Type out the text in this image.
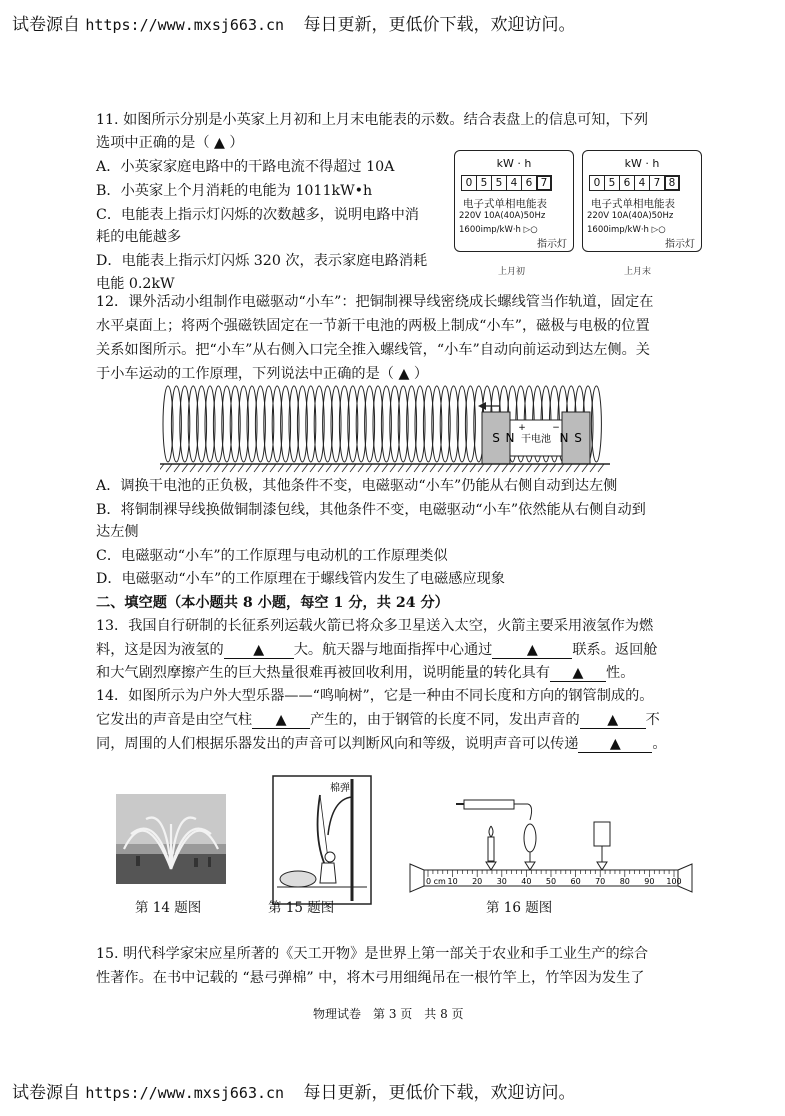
试卷源自 https://www.mxsj663.cn 每日更新，更低价下载，欢迎访问。
11. 如图所示分别是小英家上月初和上月末电能表的示数。结合表盘上的信息可知，下列
选项中正确的是（ ▲ ）
A．小英家家庭电路中的干路电流不得超过 10A
B．小英家上个月消耗的电能为 1011kW•h
C．电能表上指示灯闪烁的次数越多，说明电路中消
耗的电能越多
D．电能表上指示灯闪烁 320 次，表示家庭电路消耗
电能 0.2kW
kW · h
0 5 5 4 6 7
电子式单相电能表
220V 10A(40A)50Hz
1600imp/kW·h ▷○
指示灯
上月初
kW · h
0 5 6 4 7 8
电子式单相电能表
220V 10A(40A)50Hz
1600imp/kW·h ▷○
指示灯
上月末
12．课外活动小组制作电磁驱动“小车”：把铜制裸导线密绕成长螺线管当作轨道，固定在
水平桌面上；将两个强磁铁固定在一节新干电池的两极上制成“小车”，磁极与电极的位置
关系如图所示。把“小车”从右侧入口完全推入螺线管，“小车”自动向前运动到达左侧。关
于小车运动的工作原理，下列说法中正确的是（ ▲ ）
S N
+
干电池
−
N S
A．调换干电池的正负极，其他条件不变，电磁驱动“小车”仍能从右侧自动到达左侧
B．将铜制裸导线换做铜制漆包线，其他条件不变，电磁驱动“小车”依然能从右侧自动到
达左侧
C．电磁驱动“小车”的工作原理与电动机的工作原理类似
D．电磁驱动“小车”的工作原理在于螺线管内发生了电磁感应现象
二、填空题（本小题共 8 小题，每空 1 分，共 24 分）
13．我国自行研制的长征系列运载火箭已将众多卫星送入太空，火箭主要采用液氢作为燃
料，这是因为液氢的 ▲ 大。航天器与地面指挥中心通过 ▲ 联系。返回舱
和大气剧烈摩擦产生的巨大热量很难再被回收利用，说明能量的转化具有 ▲ 性。
14．如图所示为户外大型乐器——“鸣响树”，它是一种由不同长度和方向的钢管制成的。
它发出的声音是由空气柱 ▲ 产生的，由于钢管的长度不同，发出声音的 ▲ 不
同，周围的人们根据乐器发出的声音可以判断风向和等级，说明声音可以传递 ▲ 。
第 14 题图
棉弹
第 15 题图
0 cm 10 20 30 40 50 60 70 80 90 100
第 16 题图
15. 明代科学家宋应星所著的《天工开物》是世界上第一部关于农业和手工业生产的综合
性著作。在书中记载的 “悬弓弹棉” 中，将木弓用细绳吊在一根竹竿上，竹竿因为发生了
物理试卷　第 3 页　共 8 页
试卷源自 https://www.mxsj663.cn 每日更新，更低价下载，欢迎访问。
